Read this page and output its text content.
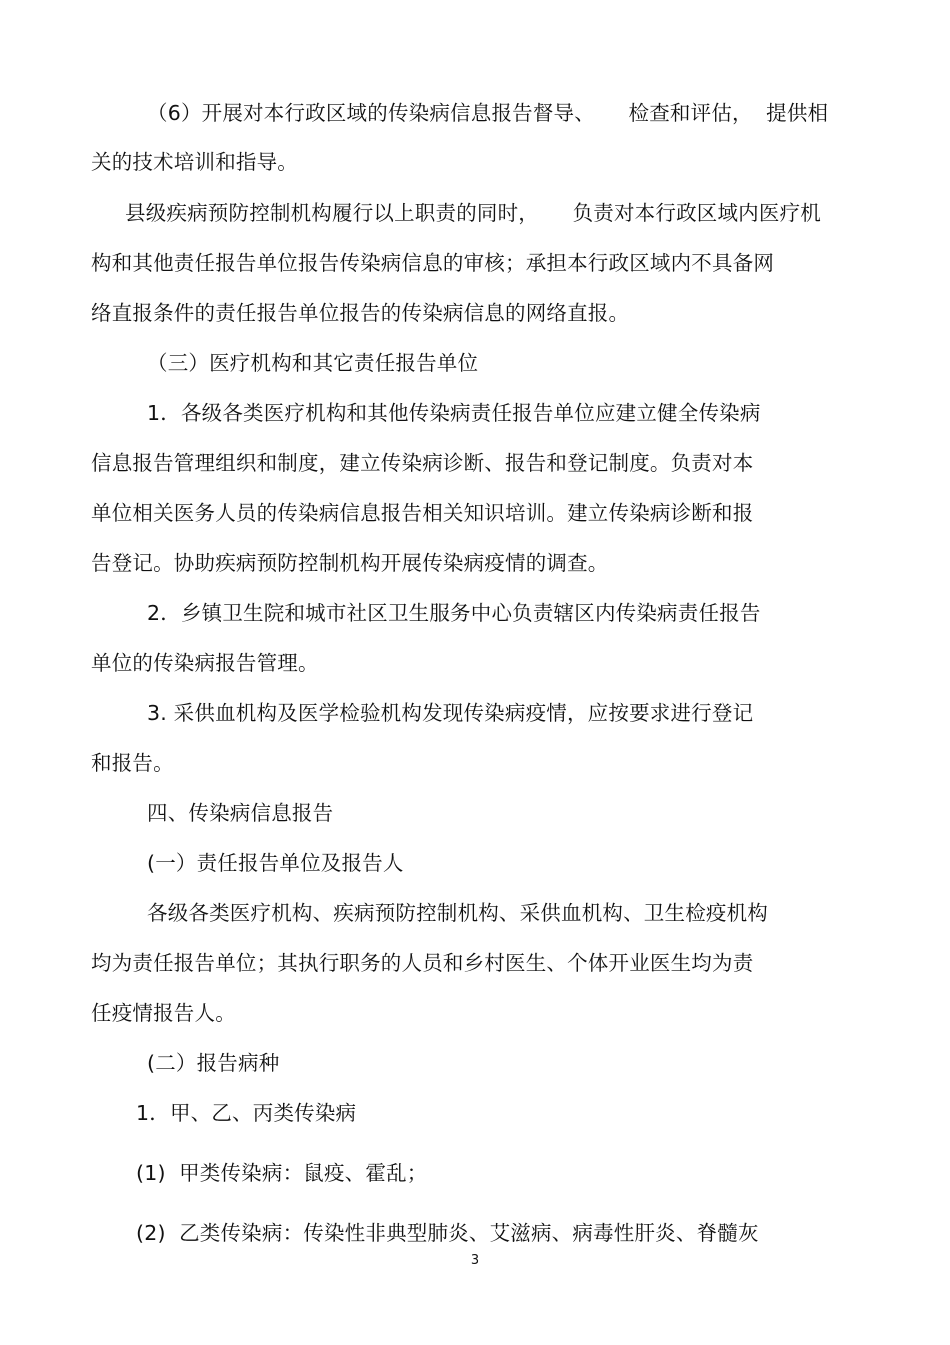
（6）开展对本行政区域的传染病信息报告督导、     检查和评估，  提供相
关的技术培训和指导。
县级疾病预防控制机构履行以上职责的同时，     负责对本行政区域内医疗机
构和其他责任报告单位报告传染病信息的审核；承担本行政区域内不具备网
络直报条件的责任报告单位报告的传染病信息的网络直报。
（三）医疗机构和其它责任报告单位
1．各级各类医疗机构和其他传染病责任报告单位应建立健全传染病
信息报告管理组织和制度，建立传染病诊断、报告和登记制度。负责对本
单位相关医务人员的传染病信息报告相关知识培训。建立传染病诊断和报
告登记。协助疾病预防控制机构开展传染病疫情的调查。
2．乡镇卫生院和城市社区卫生服务中心负责辖区内传染病责任报告
单位的传染病报告管理。
3. 采供血机构及医学检验机构发现传染病疫情，应按要求进行登记
和报告。
四、传染病信息报告
(一）责任报告单位及报告人
各级各类医疗机构、疾病预防控制机构、采供血机构、卫生检疫机构
均为责任报告单位；其执行职务的人员和乡村医生、个体开业医生均为责
任疫情报告人。
(二）报告病种
1．甲、乙、丙类传染病
(1)  甲类传染病：鼠疫、霍乱；
(2)  乙类传染病：传染性非典型肺炎、艾滋病、病毒性肝炎、脊髓灰
3
